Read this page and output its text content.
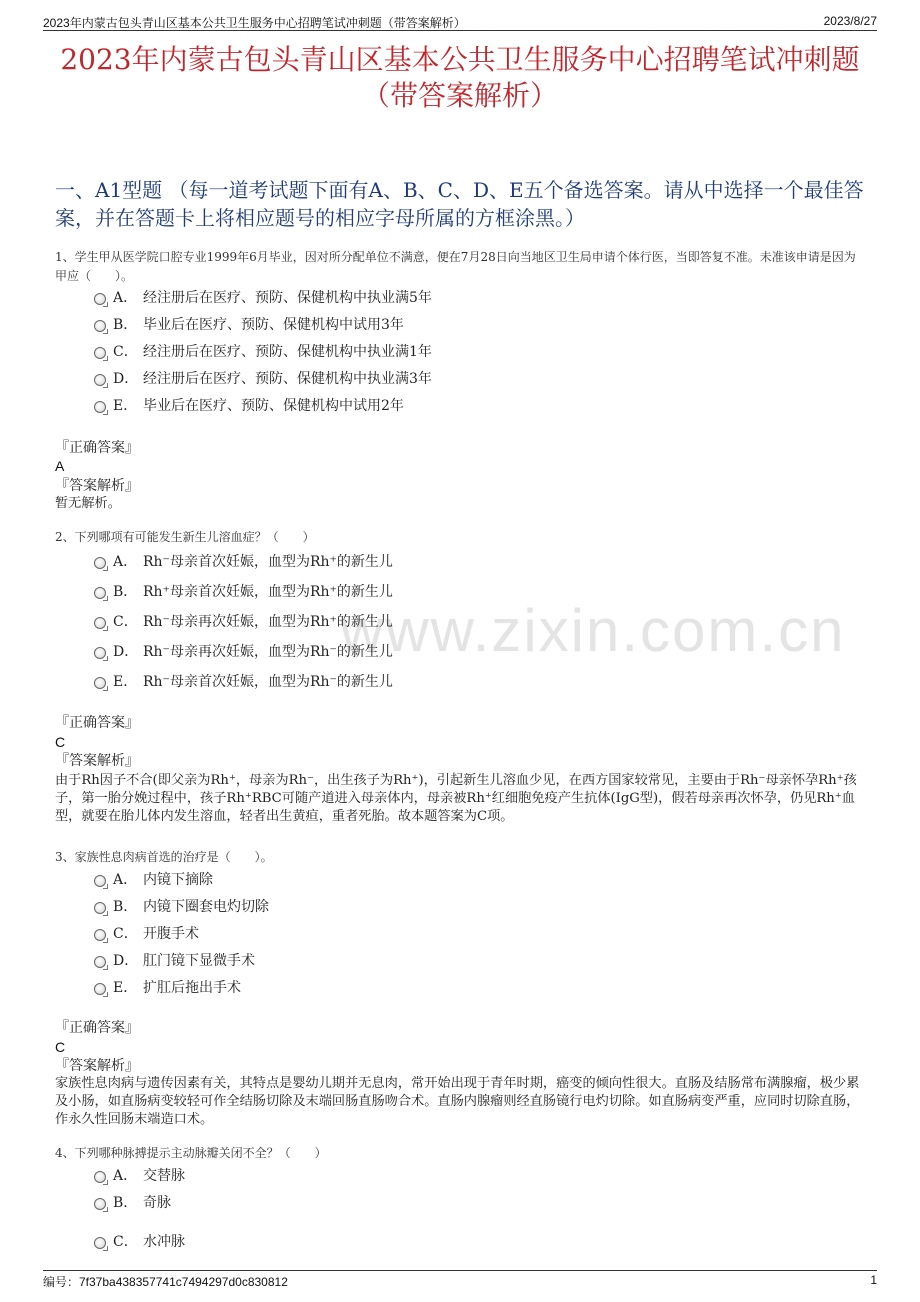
2023年内蒙古包头青山区基本公共卫生服务中心招聘笔试冲刺题（带答案解析）	2023/8/27
2023年内蒙古包头青山区基本公共卫生服务中心招聘笔试冲刺题（带答案解析）
一、A1型题 （每一道考试题下面有A、B、C、D、E五个备选答案。请从中选择一个最佳答案，并在答题卡上将相应题号的相应字母所属的方框涂黑。）
www.zixin.com.cn
1、学生甲从医学院口腔专业1999年6月毕业，因对所分配单位不满意，便在7月28日向当地区卫生局申请个体行医，当即答复不准。未准该申请是因为甲应（　　）。
A． 经注册后在医疗、预防、保健机构中执业满5年
B． 毕业后在医疗、预防、保健机构中试用3年
C． 经注册后在医疗、预防、保健机构中执业满1年
D． 经注册后在医疗、预防、保健机构中执业满3年
E． 毕业后在医疗、预防、保健机构中试用2年
『正确答案』
A
『答案解析』
暂无解析。
2、下列哪项有可能发生新生儿溶血症？（　　）
A． Rh⁻母亲首次妊娠，血型为Rh⁺的新生儿
B． Rh⁺母亲首次妊娠，血型为Rh⁺的新生儿
C． Rh⁻母亲再次妊娠，血型为Rh⁺的新生儿
D． Rh⁻母亲再次妊娠，血型为Rh⁻的新生儿
E． Rh⁻母亲首次妊娠，血型为Rh⁻的新生儿
『正确答案』
C
『答案解析』
由于Rh因子不合(即父亲为Rh⁺，母亲为Rh⁻，出生孩子为Rh⁺)，引起新生儿溶血少见，在西方国家较常见，主要由于Rh⁻母亲怀孕Rh⁺孩子，第一胎分娩过程中，孩子Rh⁺RBC可随产道进入母亲体内，母亲被Rh⁺红细胞免疫产生抗体(IgG型)，假若母亲再次怀孕，仍见Rh⁺血型，就要在胎儿体内发生溶血，轻者出生黄疸，重者死胎。故本题答案为C项。
3、家族性息肉病首选的治疗是（　　）。
A． 内镜下摘除
B． 内镜下圈套电灼切除
C． 开腹手术
D． 肛门镜下显微手术
E． 扩肛后拖出手术
『正确答案』
C
『答案解析』
家族性息肉病与遗传因素有关，其特点是婴幼儿期并无息肉，常开始出现于青年时期，癌变的倾向性很大。直肠及结肠常布满腺瘤，极少累及小肠，如直肠病变较轻可作全结肠切除及末端回肠直肠吻合术。直肠内腺瘤则经直肠镜行电灼切除。如直肠病变严重，应同时切除直肠，作永久性回肠末端造口术。
4、下列哪种脉搏提示主动脉瓣关闭不全？（　　）
A． 交替脉
B． 奇脉
C． 水冲脉
编号：7f37ba438357741c7494297d0c830812	1
